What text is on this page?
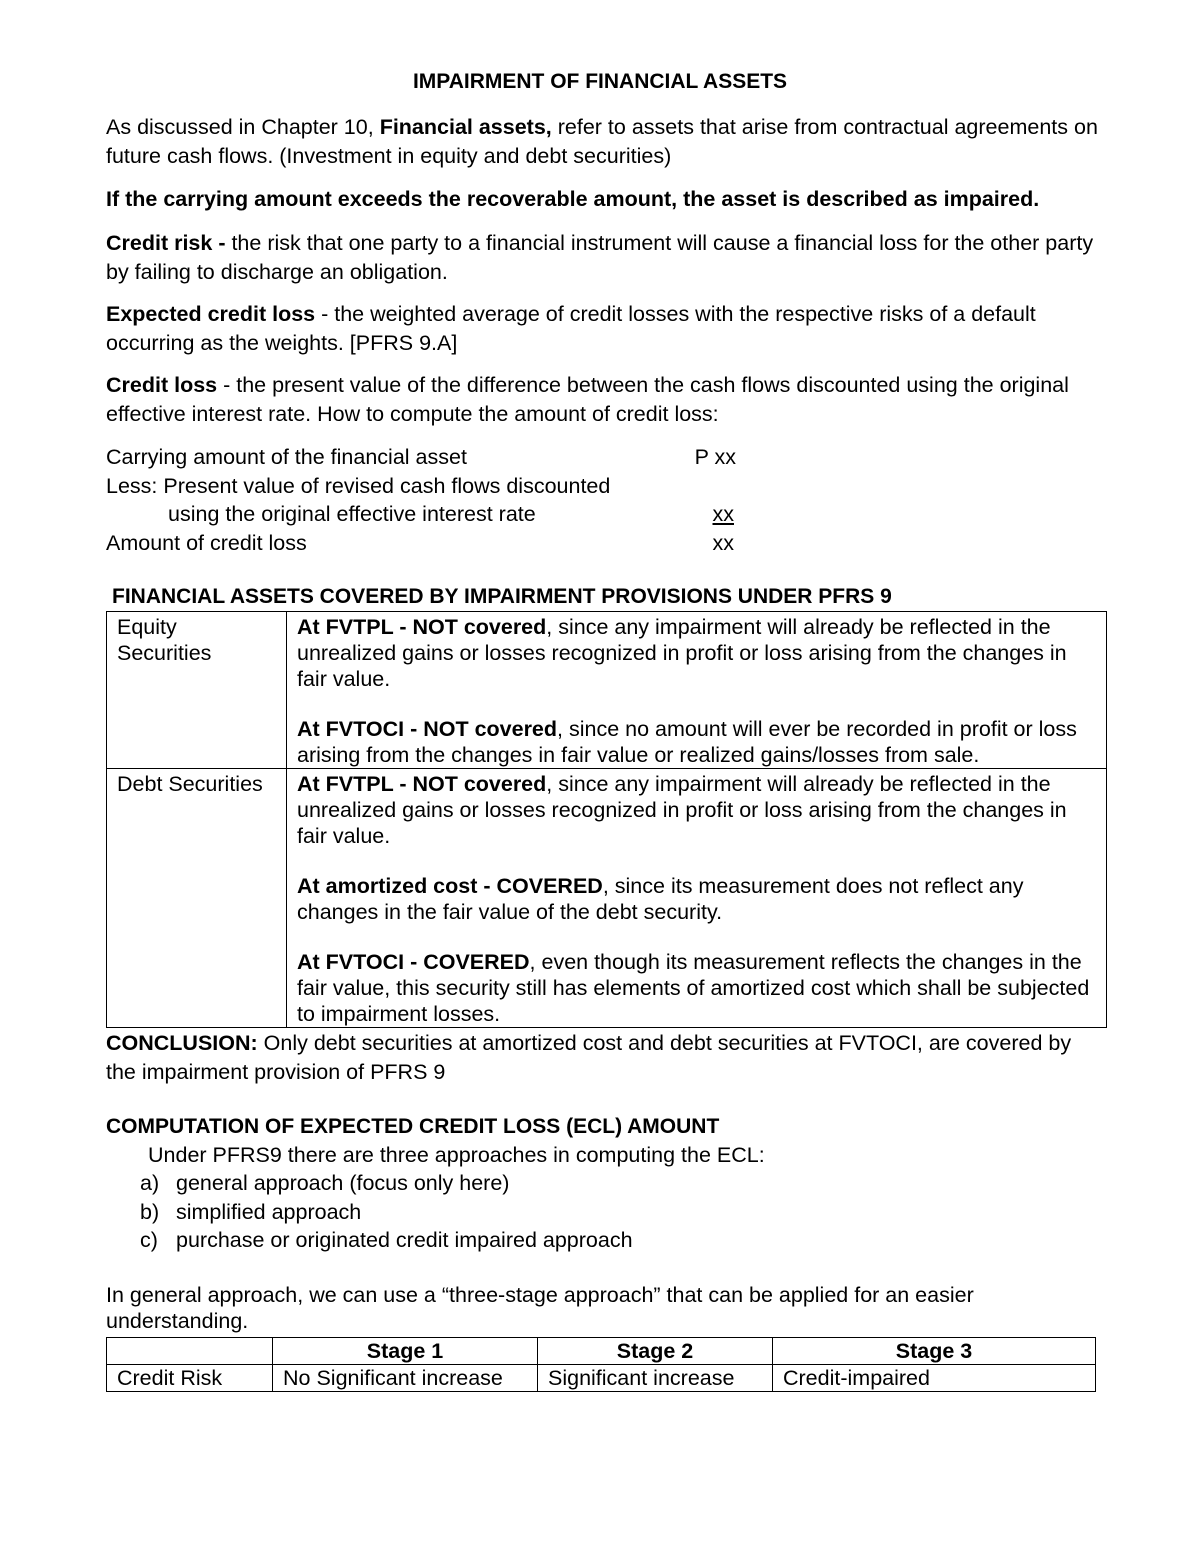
IMPAIRMENT OF FINANCIAL ASSETS
As discussed in Chapter 10, Financial assets, refer to assets that arise from contractual agreements on future cash flows. (Investment in equity and debt securities)
If the carrying amount exceeds the recoverable amount, the asset is described as impaired.
Credit risk - the risk that one party to a financial instrument will cause a financial loss for the other party by failing to discharge an obligation.
Expected credit loss - the weighted average of credit losses with the respective risks of a default occurring as the weights. [PFRS 9.A]
Credit loss - the present value of the difference between the cash flows discounted using the original effective interest rate. How to compute the amount of credit loss:
Carrying amount of the financial asset	P xx
Less: Present value of revised cash flows discounted
using the original effective interest rate	xx
Amount of credit loss	xx
FINANCIAL ASSETS COVERED BY IMPAIRMENT PROVISIONS UNDER PFRS 9
Equity Securities	At FVTPL - NOT covered, since any impairment will already be reflected in the unrealized gains or losses recognized in profit or loss arising from the changes in fair value.

At FVTOCI - NOT covered, since no amount will ever be recorded in profit or loss arising from the changes in fair value or realized gains/losses from sale.

Debt Securities	At FVTPL - NOT covered, since any impairment will already be reflected in the unrealized gains or losses recognized in profit or loss arising from the changes in fair value.

At amortized cost - COVERED, since its measurement does not reflect any changes in the fair value of the debt security.

At FVTOCI - COVERED, even though its measurement reflects the changes in the fair value, this security still has elements of amortized cost which shall be subjected to impairment losses.

CONCLUSION: Only debt securities at amortized cost and debt securities at FVTOCI, are covered by the impairment provision of PFRS 9
COMPUTATION OF EXPECTED CREDIT LOSS (ECL) AMOUNT
Under PFRS9 there are three approaches in computing the ECL:
a) general approach (focus only here)
b) simplified approach
c) purchase or originated credit impaired approach
In general approach, we can use a “three-stage approach” that can be applied for an easier understanding.
	Stage 1	Stage 2	Stage 3
Credit Risk	No Significant increase	Significant increase	Credit-impaired
